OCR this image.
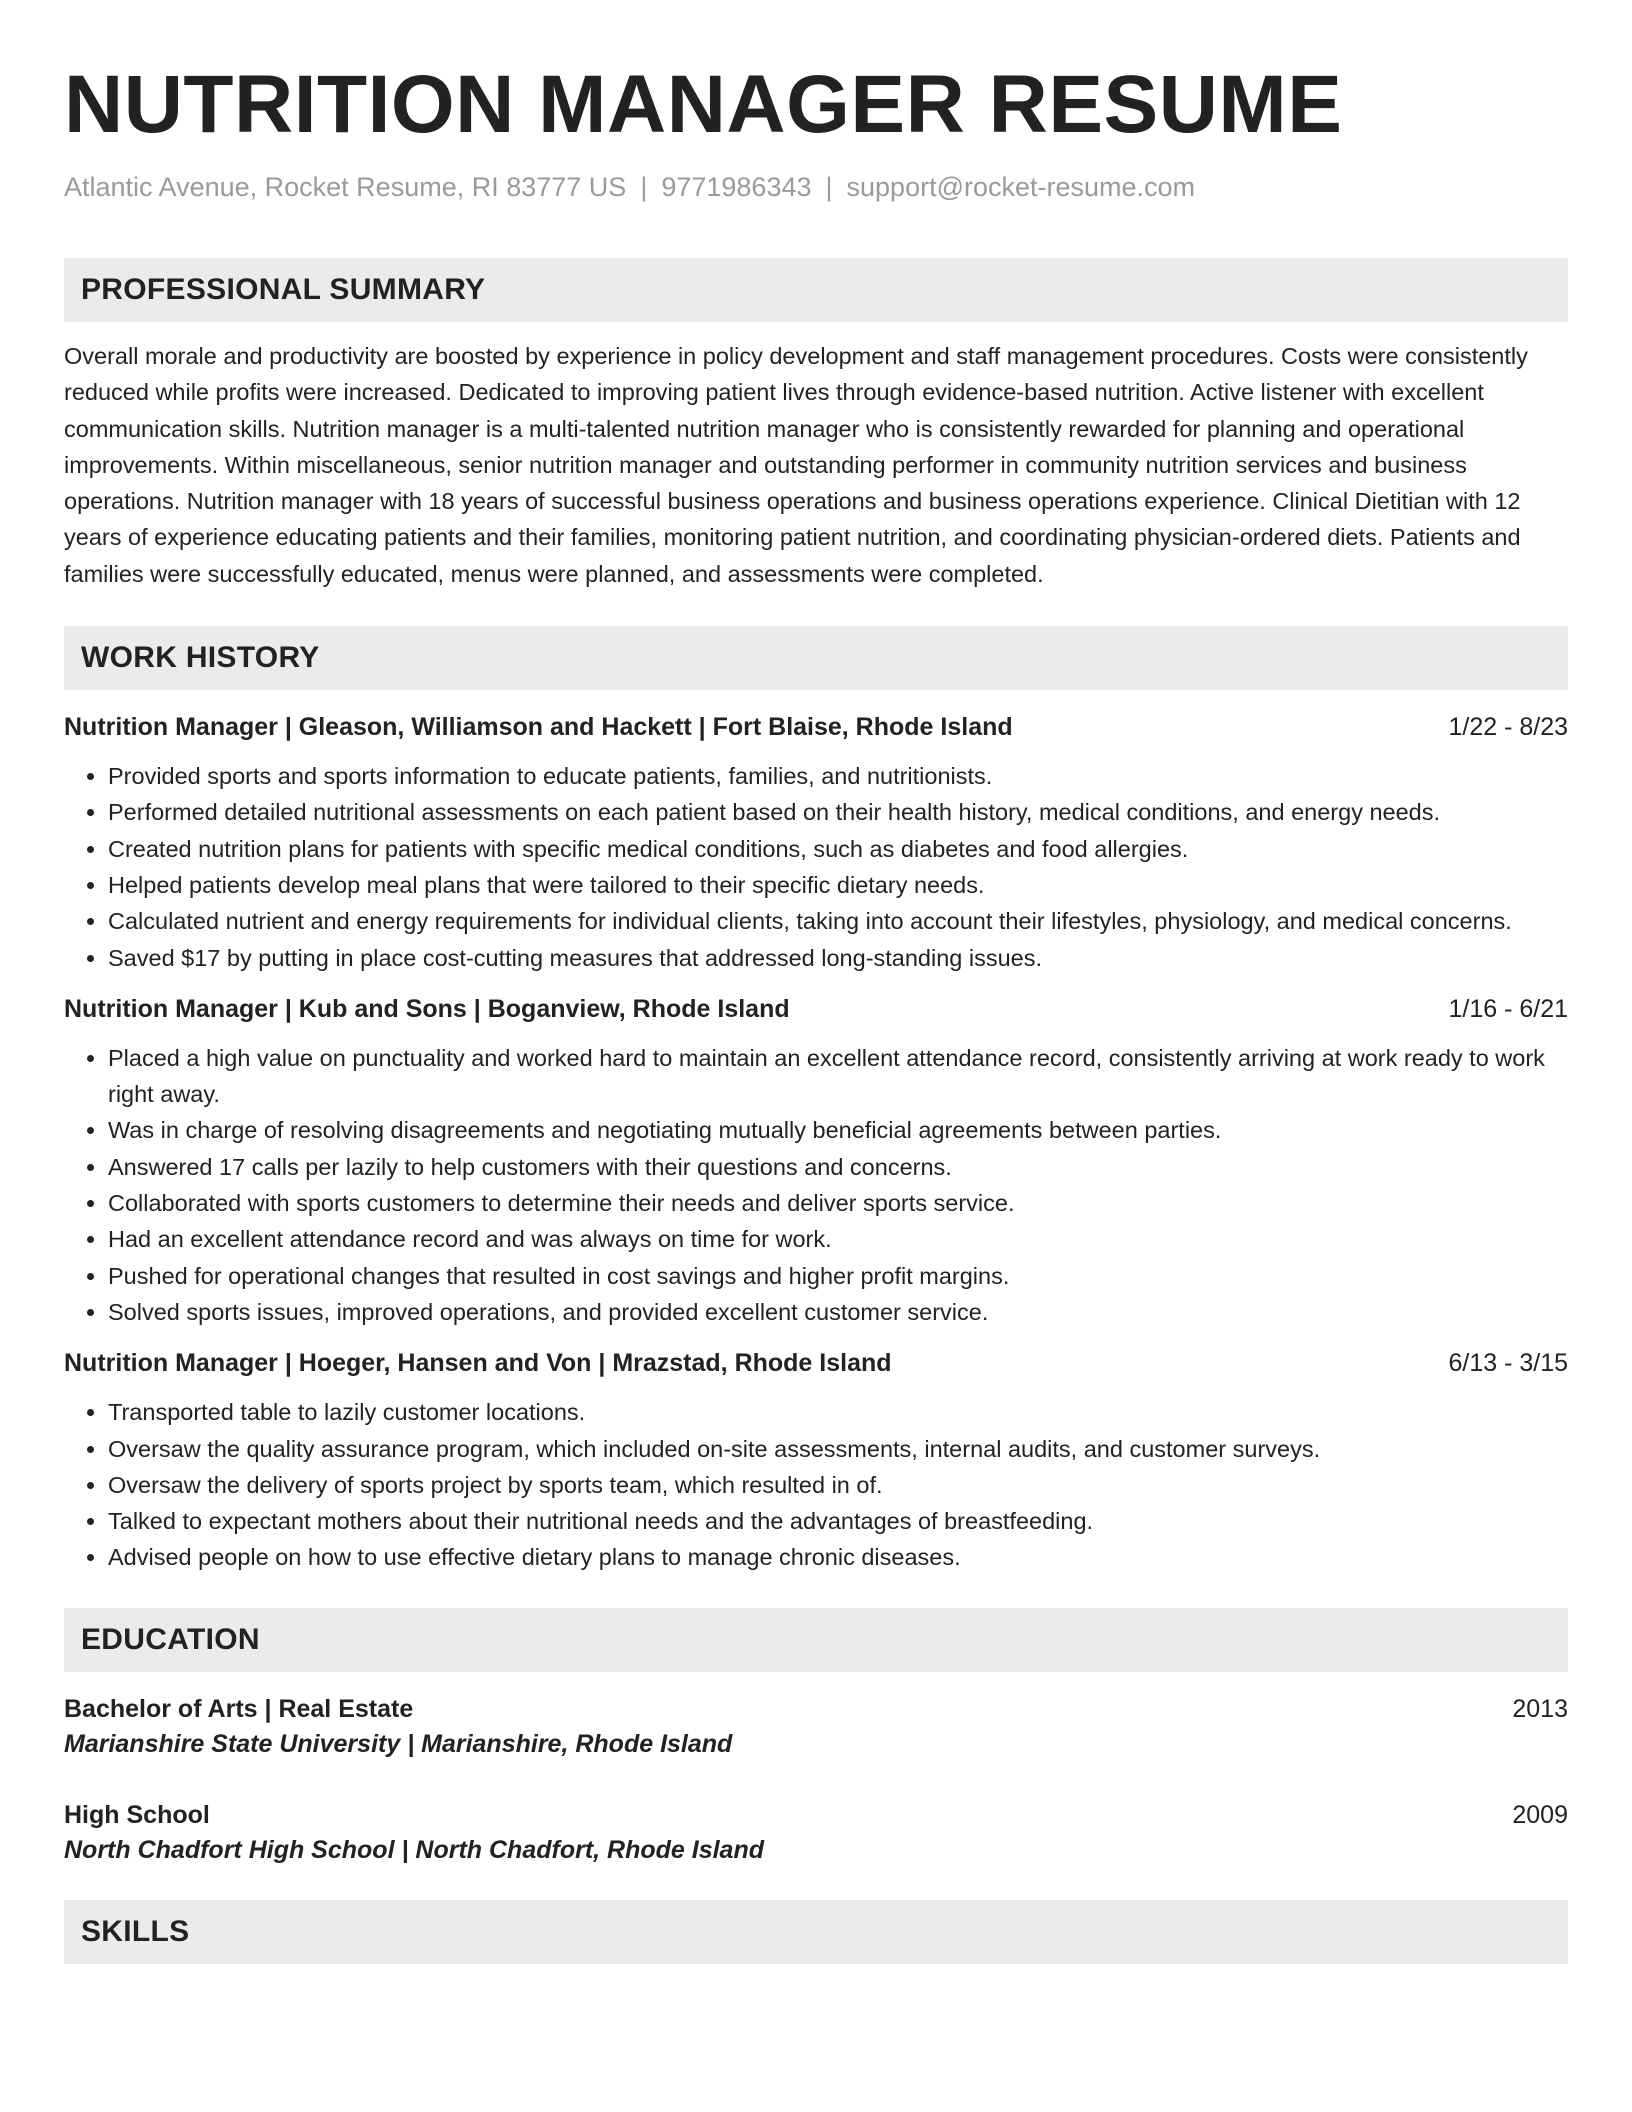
NUTRITION MANAGER RESUME
Atlantic Avenue, Rocket Resume, RI 83777 US | 9771986343 | support@rocket-resume.com
PROFESSIONAL SUMMARY

Overall morale and productivity are boosted by experience in policy development and staff management procedures. Costs were consistently reduced while profits were increased. Dedicated to improving patient lives through evidence-based nutrition. Active listener with excellent communication skills. Nutrition manager is a multi-talented nutrition manager who is consistently rewarded for planning and operational improvements. Within miscellaneous, senior nutrition manager and outstanding performer in community nutrition services and business operations. Nutrition manager with 18 years of successful business operations and business operations experience. Clinical Dietitian with 12 years of experience educating patients and their families, monitoring patient nutrition, and coordinating physician-ordered diets. Patients and families were successfully educated, menus were planned, and assessments were completed.

WORK HISTORY
Nutrition Manager | Gleason, Williamson and Hackett | Fort Blaise, Rhode Island	1/22 - 8/23
• Provided sports and sports information to educate patients, families, and nutritionists.
• Performed detailed nutritional assessments on each patient based on their health history, medical conditions, and energy needs.
• Created nutrition plans for patients with specific medical conditions, such as diabetes and food allergies.
• Helped patients develop meal plans that were tailored to their specific dietary needs.
• Calculated nutrient and energy requirements for individual clients, taking into account their lifestyles, physiology, and medical concerns.
• Saved $17 by putting in place cost-cutting measures that addressed long-standing issues.
Nutrition Manager | Kub and Sons | Boganview, Rhode Island	1/16 - 6/21
• Placed a high value on punctuality and worked hard to maintain an excellent attendance record, consistently arriving at work ready to work right away.
• Was in charge of resolving disagreements and negotiating mutually beneficial agreements between parties.
• Answered 17 calls per lazily to help customers with their questions and concerns.
• Collaborated with sports customers to determine their needs and deliver sports service.
• Had an excellent attendance record and was always on time for work.
• Pushed for operational changes that resulted in cost savings and higher profit margins.
• Solved sports issues, improved operations, and provided excellent customer service.
Nutrition Manager | Hoeger, Hansen and Von | Mrazstad, Rhode Island	6/13 - 3/15
• Transported table to lazily customer locations.
• Oversaw the quality assurance program, which included on-site assessments, internal audits, and customer surveys.
• Oversaw the delivery of sports project by sports team, which resulted in of.
• Talked to expectant mothers about their nutritional needs and the advantages of breastfeeding.
• Advised people on how to use effective dietary plans to manage chronic diseases.
EDUCATION
Bachelor of Arts | Real Estate	2013
Marianshire State University | Marianshire, Rhode Island
High School	2009
North Chadfort High School | North Chadfort, Rhode Island
SKILLS
